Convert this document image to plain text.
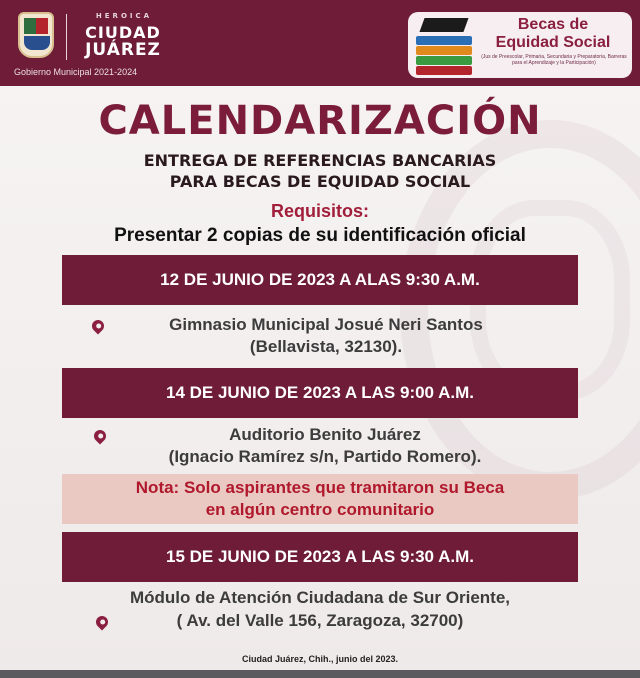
HEROICA
CIUDAD
JUÁREZ
Gobierno Municipal 2021-2024
Becas de
Equidad Social
(Jus de Preescolar, Primaria, Secundaria y Preparatoria, Barreras para el Aprendizaje y la Participación)
CALENDARIZACIÓN
ENTREGA DE REFERENCIAS BANCARIAS
PARA BECAS DE EQUIDAD SOCIAL
Requisitos:
Presentar 2 copias de su identificación oficial
12 DE JUNIO DE 2023 A ALAS 9:30 A.M.
Gimnasio Municipal Josué Neri Santos
(Bellavista, 32130).
14 DE JUNIO DE 2023 A LAS 9:00 A.M.
Auditorio Benito Juárez
(Ignacio Ramírez s/n, Partido Romero).
Nota: Solo aspirantes que tramitaron su Beca
en algún centro comunitario
15 DE JUNIO DE 2023 A LAS 9:30 A.M.
Módulo de Atención Ciudadana de Sur Oriente,
( Av. del Valle 156, Zaragoza, 32700)
Ciudad Juárez, Chih., junio del 2023.
